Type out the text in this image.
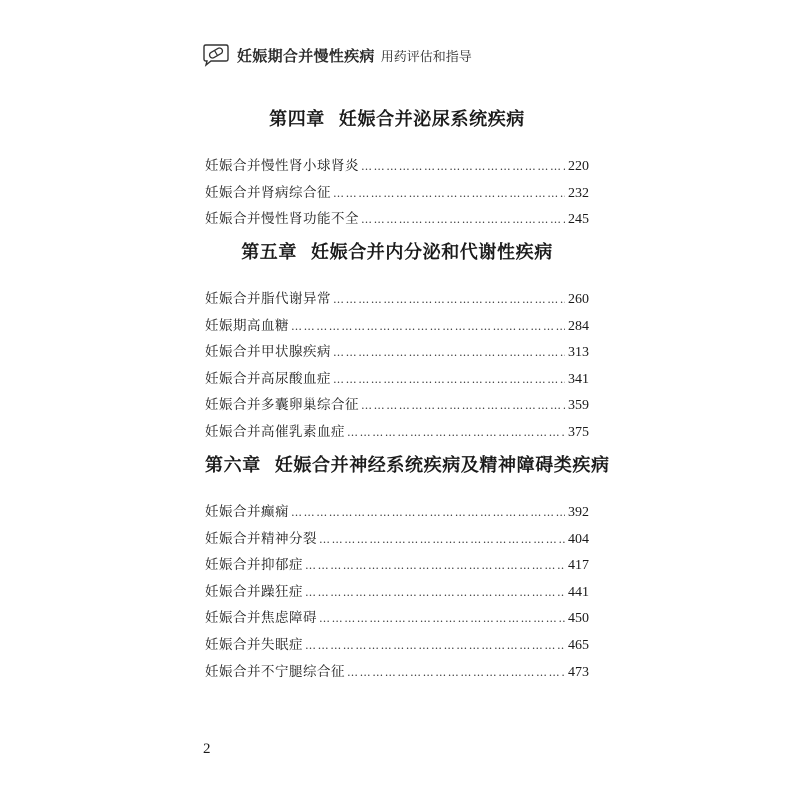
妊娠期合并慢性疾病 用药评估和指导
第四章 妊娠合并泌尿系统疾病
妊娠合并慢性肾小球肾炎 ……………………………………………………………………………………………………………………………………	220
妊娠合并肾病综合征 ……………………………………………………………………………………………………………………………………	232
妊娠合并慢性肾功能不全 ……………………………………………………………………………………………………………………………………	245
第五章 妊娠合并内分泌和代谢性疾病
妊娠合并脂代谢异常 ……………………………………………………………………………………………………………………………………	260
妊娠期高血糖 ……………………………………………………………………………………………………………………………………	284
妊娠合并甲状腺疾病 ……………………………………………………………………………………………………………………………………	313
妊娠合并高尿酸血症 ……………………………………………………………………………………………………………………………………	341
妊娠合并多囊卵巢综合征 ……………………………………………………………………………………………………………………………………	359
妊娠合并高催乳素血症 ……………………………………………………………………………………………………………………………………	375
第六章 妊娠合并神经系统疾病及精神障碍类疾病
妊娠合并癫痫 ……………………………………………………………………………………………………………………………………	392
妊娠合并精神分裂 ……………………………………………………………………………………………………………………………………	404
妊娠合并抑郁症 ……………………………………………………………………………………………………………………………………	417
妊娠合并躁狂症 ……………………………………………………………………………………………………………………………………	441
妊娠合并焦虑障碍 ……………………………………………………………………………………………………………………………………	450
妊娠合并失眠症 ……………………………………………………………………………………………………………………………………	465
妊娠合并不宁腿综合征 ……………………………………………………………………………………………………………………………………	473
2
